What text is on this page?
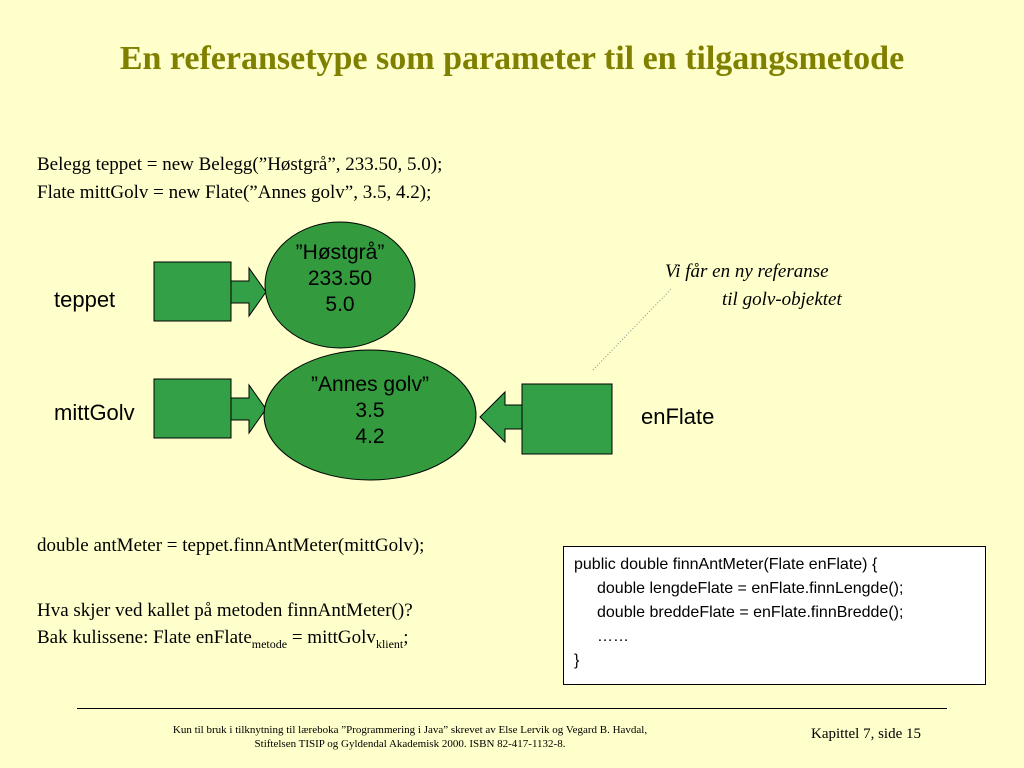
En referansetype som parameter til en tilgangsmetode
Belegg teppet = new Belegg(”Høstgrå”, 233.50, 5.0);
Flate mittGolv = new Flate(”Annes golv”, 3.5, 4.2);
”Høstgrå”
233.50
5.0
”Annes golv”
3.5
4.2
teppet
mittGolv	enFlate
Vi får en ny referanse
til golv-objektet
double antMeter = teppet.finnAntMeter(mittGolv);
Hva skjer ved kallet på metoden finnAntMeter()?
Bak kulissene: Flate enFlate$_{metode}$ = mittGolv$_{klient}$;
public double finnAntMeter(Flate enFlate) {
double lengdeFlate = enFlate.finnLengde();
double breddeFlate = enFlate.finnBredde();
……
}
Kun til bruk i tilknytning til læreboka ”Programmering i Java” skrevet av Else Lervik og Vegard B. Havdal,
Stiftelsen TISIP og Gyldendal Akademisk 2000. ISBN 82-417-1132-8.
Kapittel 7, side 15
